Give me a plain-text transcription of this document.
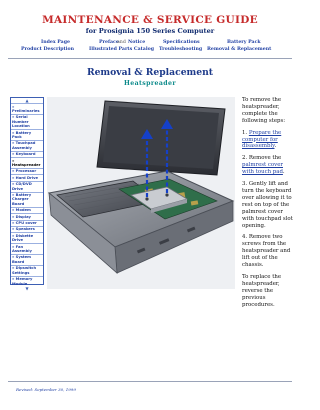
MAINTENANCE & SERVICE GUIDE
for Prosignia 150 Series Computer
Index Page	Preface
and Notice	Specifications	Battery Pack
Product Description	Illustrated Parts Catalog Troubleshooting Removal & Replacement
Removal & Replacement
Heatspreader
▲
» Preliminaries
» Serial Number Location
» Battery Pack
» Touchpad Assembly
» Keyboard
» Heatspreader
» Processor
» Hard Drive
» CD/DVD Drive
» Battery Charger Board
» Modem
» Display
» CPU cover
» Speakers
» Diskette Drive
» Fan Assembly
» System Board
» Dipswitch Settings
» Memory Module
▼

To remove the heatspreader, complete the following steps:

1. Prepare the computer for disassembly.

2. Remove the palmrest cover with touch pad.

3. Gently lift and turn the keyboard over allowing it to rest on top of the palmrest cover with touchpad slot opening.

4. Remove two screws from the heatspreader and lift out of the chassis.

To replace the heatspreader, reverse the previous procedures.

Revised: September 30, 1999
